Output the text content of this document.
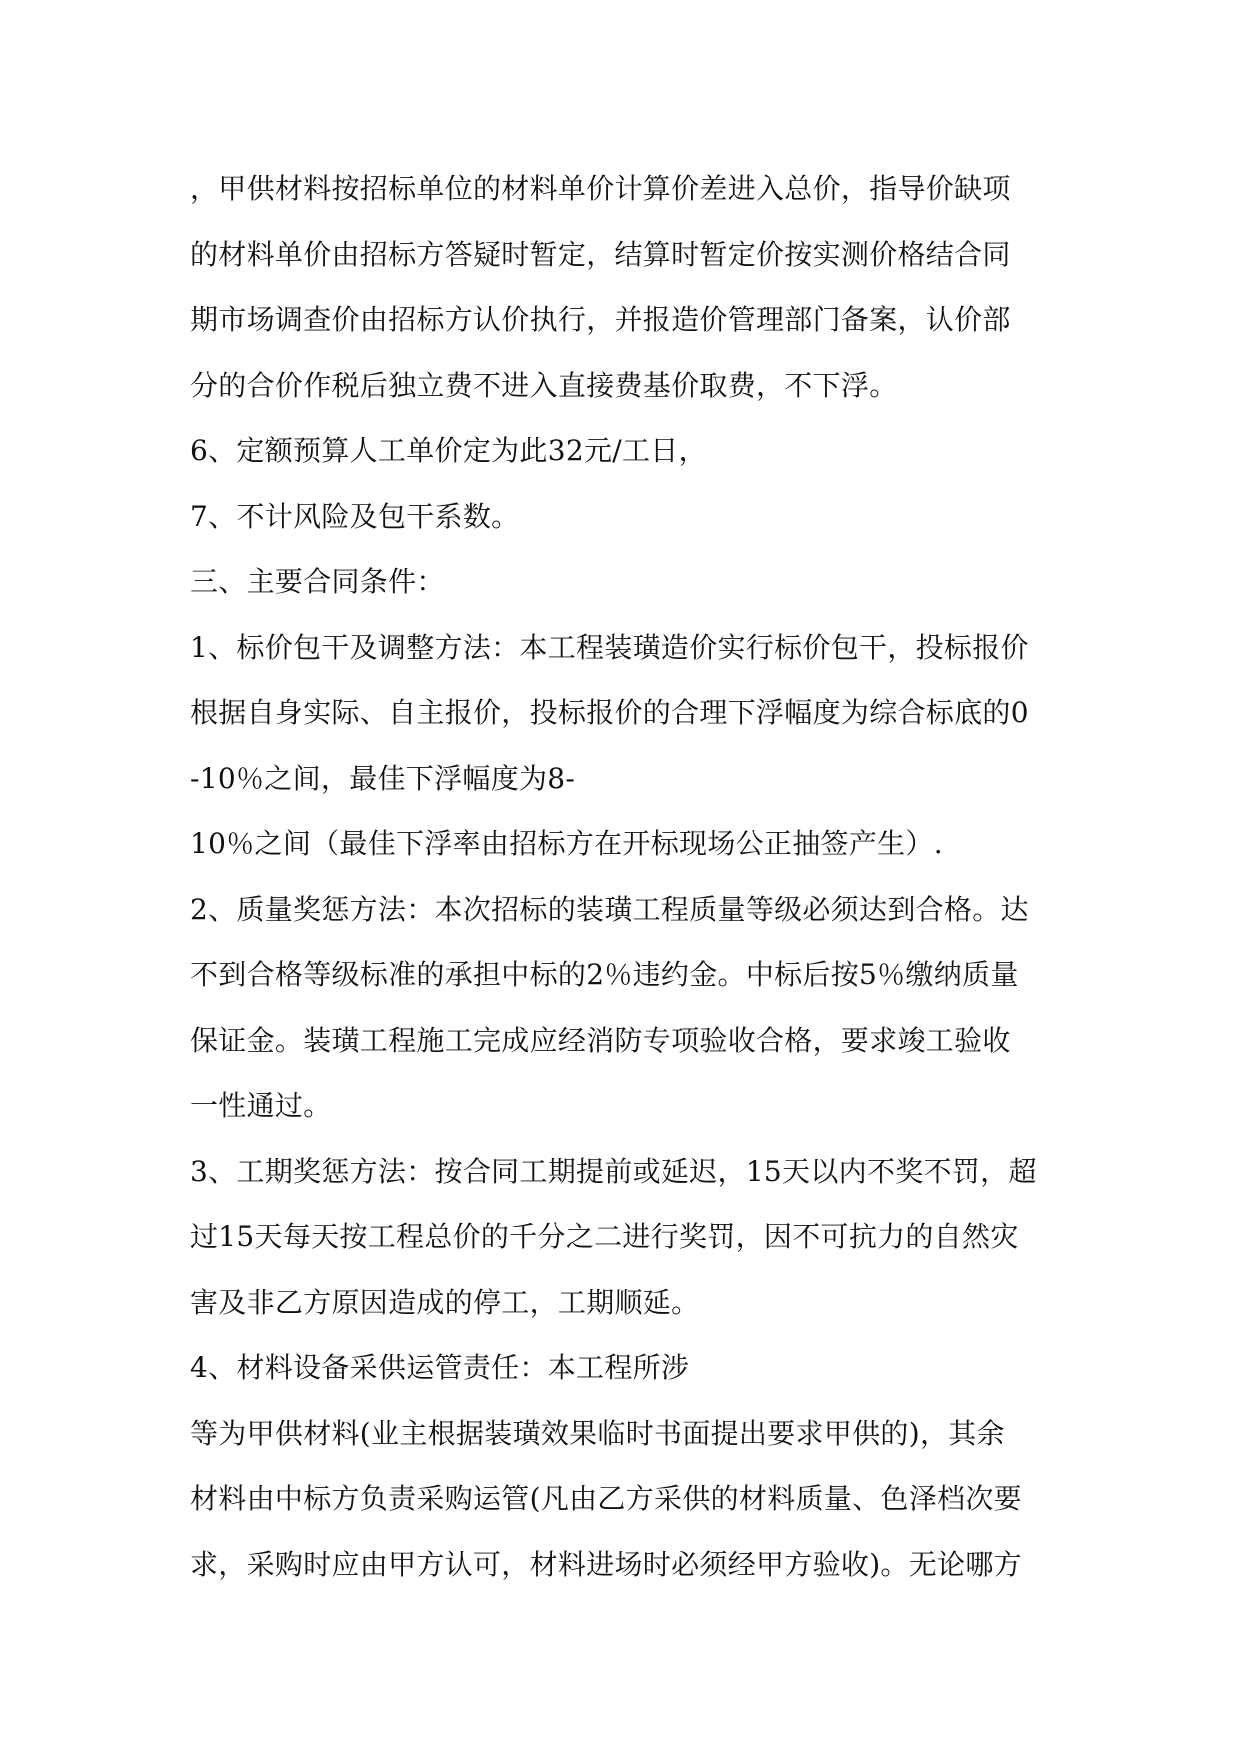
，甲供材料按招标单位的材料单价计算价差进入总价，指导价缺项
的材料单价由招标方答疑时暂定，结算时暂定价按实测价格结合同
期市场调查价由招标方认价执行，并报造价管理部门备案，认价部
分的合价作税后独立费不进入直接费基价取费，不下浮。
6、定额预算人工单价定为此32元/工日，
7、不计风险及包干系数。
三、主要合同条件：
1、标价包干及调整方法：本工程装璜造价实行标价包干，投标报价
根据自身实际、自主报价，投标报价的合理下浮幅度为综合标底的0
-10％之间，最佳下浮幅度为8-
10％之间（最佳下浮率由招标方在开标现场公正抽签产生）.
2、质量奖惩方法：本次招标的装璜工程质量等级必须达到合格。达
不到合格等级标准的承担中标的2％违约金。中标后按5％缴纳质量
保证金。装璜工程施工完成应经消防专项验收合格，要求竣工验收
一性通过。
3、工期奖惩方法：按合同工期提前或延迟，15天以内不奖不罚，超
过15天每天按工程总价的千分之二进行奖罚，因不可抗力的自然灾
害及非乙方原因造成的停工，工期顺延。
4、材料设备采供运管责任：本工程所涉
等为甲供材料(业主根据装璜效果临时书面提出要求甲供的)，其余
材料由中标方负责采购运管(凡由乙方采供的材料质量、色泽档次要
求，采购时应由甲方认可，材料进场时必须经甲方验收)。无论哪方
